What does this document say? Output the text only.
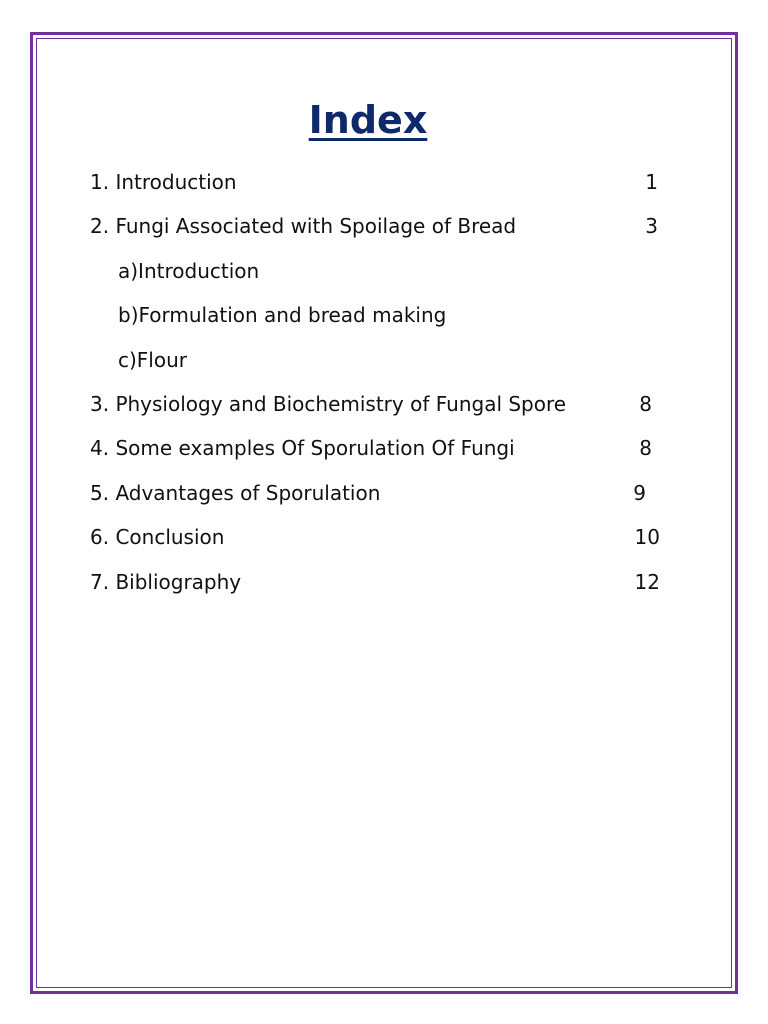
Index
1. Introduction	1
2. Fungi Associated with Spoilage of Bread	3
a)Introduction
b)Formulation and bread making
c)Flour
3. Physiology and Biochemistry of Fungal Spore	8
4. Some examples Of Sporulation Of Fungi	8
5. Advantages of Sporulation	9
6. Conclusion	10
7. Bibliography	12
